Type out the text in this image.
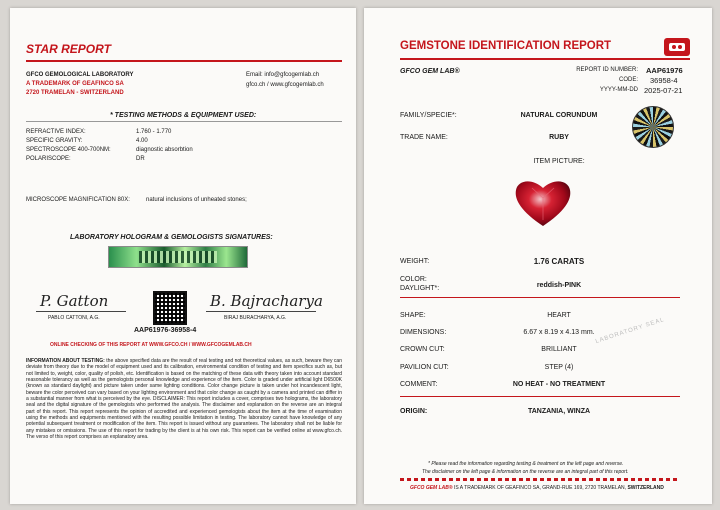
STAR REPORT
GFCO GEMOLOGICAL LABORATORY
A TRADEMARK OF GEAFINCO SA
2720 TRAMELAN - SWITZERLAND
Email: info@gfcogemlab.ch
gfco.ch / www.gfcogemlab.ch
* TESTING METHODS & EQUIPMENT USED:
REFRACTIVE INDEX:	1.760 - 1.770
SPECIFIC GRAVITY:	4.00
SPECTROSCOPE 400-700NM:	diagnostic absorbtion
POLARISCOPE:	DR
MICROSCOPE MAGNIFICATION 80X:	natural inclusions of unheated stones;
LABORATORY HOLOGRAM & GEMOLOGISTS SIGNATURES:
P. Gatton
PABLO CATTONI, A.G.
AAP61976-36958-4
B. Bajracharya
BIRAJ BURACHARYA, A.G.
ONLINE CHECKING OF THIS REPORT AT WWW.GFCO.CH / WWW.GFCOGEMLAB.CH
INFORMATION ABOUT TESTING: the above specified data are the result of real testing and not theoretical values, as such, beware they can deviate from theory due to the model of equipment used and its calibration, environmental condition of testing and item specifics such as, but not limited to, weight, color, quality of polish, etc. Identification is based on the matching of these data with theory taken into account standard reasonable tolerancy as well as the gemologists personal knowledge and experience of the item. Color is graded under artificial light D6500K (known as standard daylight) and picture taken under same lighting conditions. Color change picture is taken under hot incandescent light, beware the color perceived can vary based on your lighting environment and that color change as caught by a camera and printed can differ in a substantial manner from what is perceived by the eye. DISCLAIMER: This report includes a cover, comprises two holograms, the laboratory seal and the digital signature of the gemologists who performed the analysis. The disclaimer and explanation on the reverse are an integral part of this report. This report represents the opinion of accredited and experienced gemologists about the item at the time of examination using the methods and equipments mentioned with the resulting possible limitation in testing. The laboratory cannot have knowledge of any potential subsequent treatment or modification of the item. This report is issued without any guarantees. The laboratory shall not be liable for any mistakes or omissions. The use of this report for trading by the client is at his own risk. This report can be verified online at www.gfco.ch. The verso of this report comprises an explanatory area.
GEMSTONE IDENTIFICATION REPORT
GFCO GEM LAB®	REPORT ID NUMBER: AAP61976
CODE: 36958-4
YYYY-MM-DD 2025-07-21
FAMILY/SPECIE*:	NATURAL CORUNDUM
TRADE NAME:	RUBY
ITEM PICTURE:
WEIGHT:	1.76 CARATS
COLOR:
DAYLIGHT*:	reddish-PINK
SHAPE:	HEART
DIMENSIONS:	6.67 x 8.19 x 4.13 mm.
CROWN CUT:	BRILLIANT
PAVILION CUT:	STEP (4)
COMMENT:	NO HEAT - NO TREATMENT
ORIGIN:	TANZANIA, WINZA
LABORATORY SEAL
* Please read the information regarding testing & treatment on the left page and reverse.
The disclaimer on the left page & information on the reverse are an integral part of this report.
GFCO GEM LAB® IS A TRADEMARK OF GEAFINCO SA, GRAND-RUE 169, 2720 TRAMELAN, SWITZERLAND
